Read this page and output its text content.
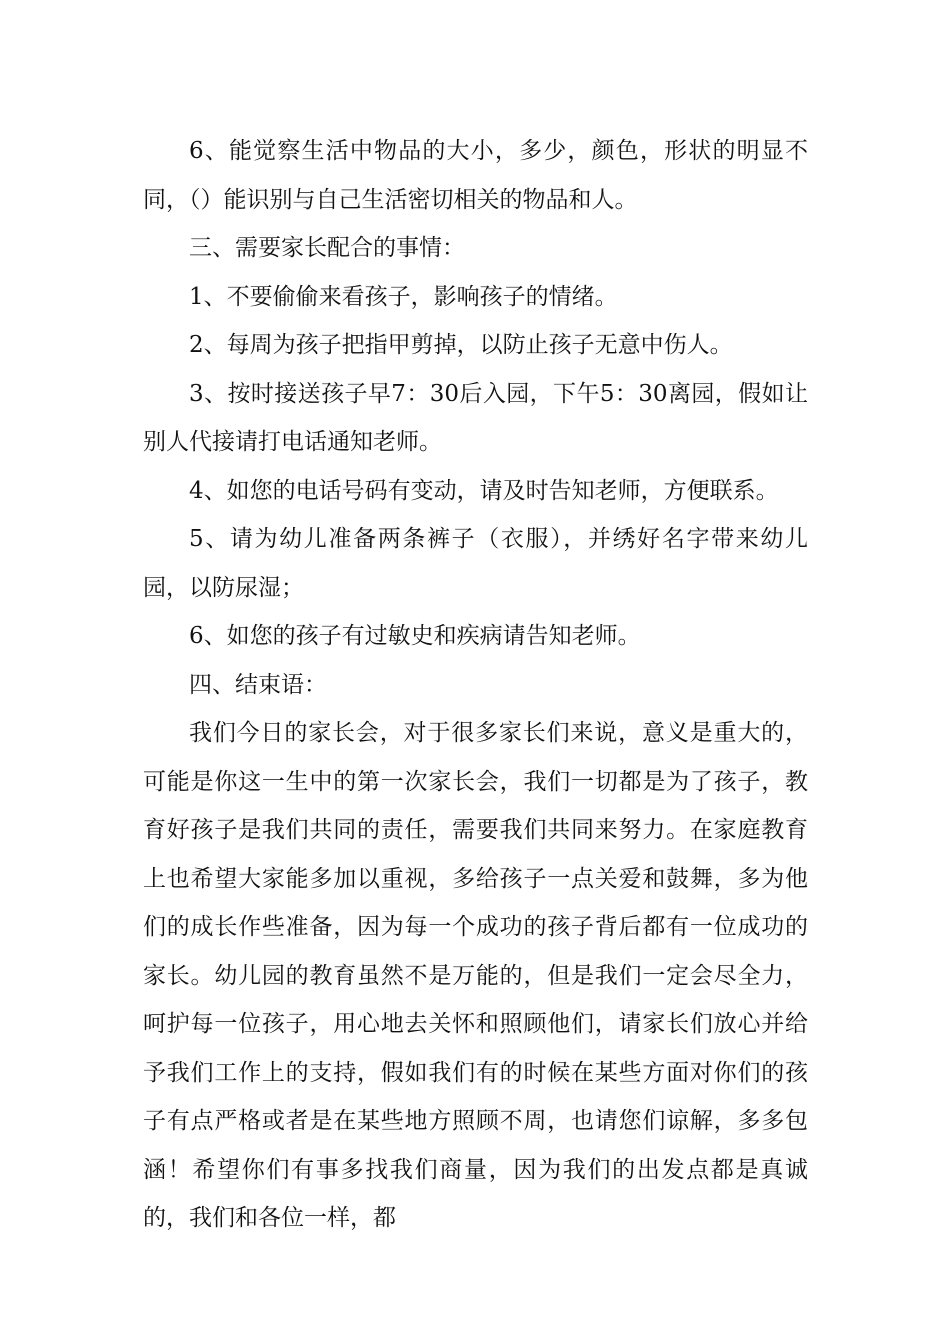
6、能觉察生活中物品的大小，多少，颜色，形状的明显不同，（）能识别与自己生活密切相关的物品和人。

三、需要家长配合的事情：

1、不要偷偷来看孩子，影响孩子的情绪。

2、每周为孩子把指甲剪掉，以防止孩子无意中伤人。

3、按时接送孩子早7：30后入园，下午5：30离园，假如让别人代接请打电话通知老师。

4、如您的电话号码有变动，请及时告知老师，方便联系。

5、请为幼儿准备两条裤子（衣服），并绣好名字带来幼儿园，以防尿湿；

6、如您的孩子有过敏史和疾病请告知老师。

四、结束语：

我们今日的家长会，对于很多家长们来说，意义是重大的，可能是你这一生中的第一次家长会，我们一切都是为了孩子，教育好孩子是我们共同的责任，需要我们共同来努力。在家庭教育上也希望大家能多加以重视，多给孩子一点关爱和鼓舞，多为他们的成长作些准备，因为每一个成功的孩子背后都有一位成功的家长。幼儿园的教育虽然不是万能的，但是我们一定会尽全力，呵护每一位孩子，用心地去关怀和照顾他们，请家长们放心并给予我们工作上的支持，假如我们有的时候在某些方面对你们的孩子有点严格或者是在某些地方照顾不周，也请您们谅解，多多包涵！希望你们有事多找我们商量，因为我们的出发点都是真诚的，我们和各位一样，都
